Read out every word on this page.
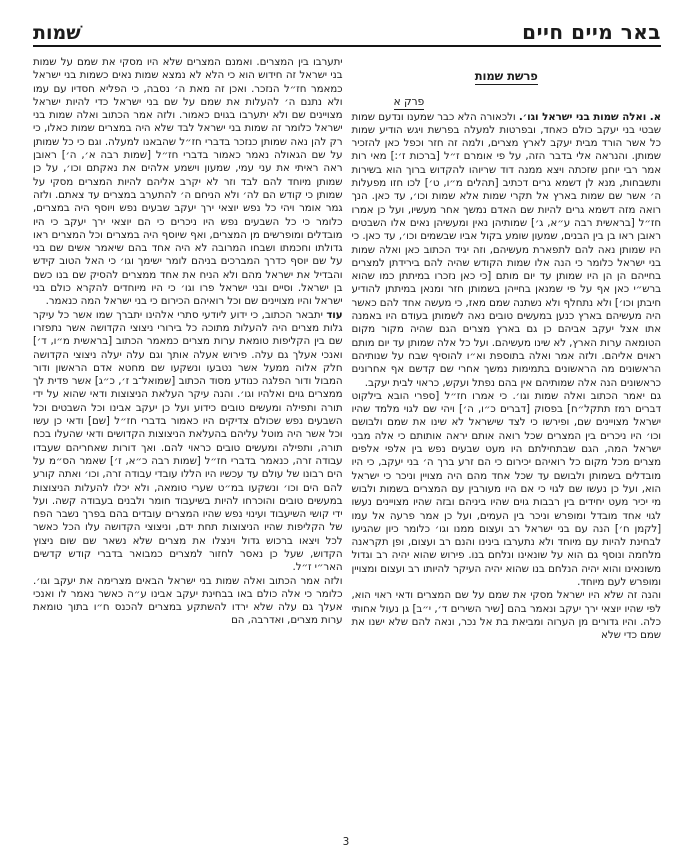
באר מיים חיים
שׁמות
פרשת שמות
פרק א

א. ואלה שמות בני ישראל וגו׳. ולכאורה הלא כבר שמענו ונדעם שמות שבטי בני יעקב כולם כאחד, ובפרטות למעלה בפרשת ויגש הודיע שמות כל אשר הורד מבית יעקב לארץ מצרים, ולמה זה חזר וכפל כאן להזכיר שמותן. והנראה אלי בדבר הזה, על פי אומרם ז״ל [ברכות ז׳:] מאי רות אמר רבי יוחנן שזכתה ויצא ממנה דוד שריוהו להקדוש ברוך הוא בשירות ותשבחות, מנא לן דשמא גרים דכתיב [תהלים מ״ו, ט׳] לכו חזו מפעלות ה׳ אשר שם שמות בארץ אל תקרי שמות אלא שמות וכו׳, עד כאן. הנך רואה מזה דשמא גרים להיות שם האדם נמשך אחר מעשיו, ועל כן אמרו חז״ל [בראשית רבה ע״א, ג׳] שמותיהן נאין ומעשיהן נאים אלו השבטים ראובן ראו בן בין הבנים, שמעון שומע בקול אביו שבשמים וכו׳, עד כאן. כי היו שמותן נאה להם לתפארת מעשיהם, וזה יגיד הכתוב כאן ואלה שמות בני ישראל כלומר כי הנה אלו שמות הקודש שהיה להם בירידתן למצרים בחייהם הן הן היו שמותן עד יום מותם [כי כאן נזכרו במיתתן כמו שהוא ברש״י כאן אף על פי שמנאן בחייהן בשמותן חזר ומנאן במיתתן להודיע חיבתן וכו׳] ולא נתחלף ולא נשתנה שמם מאז, כי מעשה אחד להם כאשר היה מעשיהם בארץ כנען במעשים טובים נאה לשמותן בעודם היו באמנה אתו אצל יעקב אביהם כן גם בארץ מצרים הגם שהיה מקור מקום הטומאה ערות הארץ, לא שינו מעשיהם. ועל כל אלה שמותן עד יום מותם ראוים אליהם. ולזה אמר ואלה בתוספת וא״ו להוסיף שבח על שנותיהם הראשונים מה הראשונים בתמימות נמשך אחרי שם קדשם אף אחרונים כראשונים הנה אלה שמותיהם אין בהם נפתל ועקש, כראוי לבית יעקב.

גם יאמר הכתוב ואלה שמות וגו׳. כי אמרו חז״ל [ספרי הובא בילקוט דברים רמז תתקל״ח] בפסוק [דברים כ״ו, ה׳] ויהי שם לגוי מלמד שהיו ישראל מצויינים שם, ופירשו כי לצד שישראל לא שינו את שמם ולבושם וכו׳ היו ניכרים בין המצרים שכל רואה אותם יראה אותותם כי אלה מבני ישראל המה, הגם שבתחילתם היו מעט שבעים נפש בין אלפי אלפים מצרים מכל מקום כל רואיהם יכירום כי הם זרע ברך ה׳ בני יעקב, כי היו מובדלים בשמותן ולבושם עד שכל אחד מהם היה מצויין וניכר כי ישראל הוא, ועל כן נעשו שם לגוי כי אם היו מעורבין עם המצרים בשמות ולבוש מי יכיר מעט יחידים בין רבבות גוים שהיו ביניהם ובזה שהיו מצויינים נעשו לגוי אחד מובדל ומופרש וניכר בין העמים, ועל כן אמר פרעה אל עמו [לקמן ח׳] הנה עם בני ישראל רב ועצום ממנו וגו׳ כלומר כיון שהגיעו לבחינת להיות עם מיוחד ולא נתערבו בינינו והנם רב ועצום, ופן תקראנה מלחמה ונוסף גם הוא על שונאינו ונלחם בנו. פירוש שהוא יהיה רב וגדול משונאינו והוא יהיה הנלחם בנו שהוא יהיה העיקר להיותו רב ועצום ומצויין ומופרש לעם מיוחד.

והנה זה שלא היו ישראל מסקי את שמם על שם המצרים ודאי ראוי הוא, לפי שהיו יוצאי ירך יעקב ונאמר בהם [שיר השירים ד׳, י״ב] גן נעול אחותי כלה. והיו גדורים מן הערוה ומביאת בת אל נכר, ונאה להם שלא ישנו את שמם כדי שלא

יתערבו בין המצרים. ואמנם המצרים שלא היו מסקי את שמם על שמות בני ישראל זה חידוש הוא כי הלא לא נמצא שמות נאים כשמות בני ישראל כמאמר חז״ל הנזכר. ואכן זה מאת ה׳ נסבה, כי הפליא חסדיו עם עמו ולא נתנם ה׳ להעלות את שמם על שם בני ישראל כדי להיות ישראל מצויינים שם ולא יתערבו בגוים כאמור. ולזה אמר הכתוב ואלה שמות בני ישראל כלומר זה שמות בני ישראל לבד שלא היה במצרים שמות כאלו, כי רק להן נאה שמותן כנזכר בדברי חז״ל שהבאנו למעלה. וגם כי כל שמותן על שם הגאולה נאמר כאמור בדברי חז״ל [שמות רבה א׳, ה׳] ראובן ראה ראיתי את עני עמי, שמעון וישמע אלהים את נאקתם וכו׳, על כן שמותן מיוחד להם לבד וזר לא יקרב אליהם להיות המצרים מסקי על שמותן כי קודש הם לה׳ ולא הניחם ה׳ להתערב במצרים עד צאתם. ולזה גמר אומר ויהי כל נפש יוצאי ירך יעקב שבעים נפש ויוסף היה במצרים, כלומר כי כל השבעים נפש היו ניכרים כי הם יוצאי ירך יעקב כי היו מובדלים ומופרשים מן המצרים, ואף שיוסף היה במצרים וכל המצרים ראו גדולתו וחכמתו ושבחו המרובה לא היה אחד בהם שיאמר אשים שם בני על שם יוסף כדרך המברכים בניהם לומר ישימך וגו׳ כי האל הטוב קידש והבדיל את ישראל מהם ולא הניח את אחד ממצרים להסיק שם בנו כשם בן ישראל. וסיים ובני ישראל פרו וגו׳ כי היו מיוחדים להקרא כולם בני ישראל והיו מצויינים שם וכל רואיהם הכירום כי בני ישראל המה כנאמר.

עוד יתבאר הכתוב, כי ידוע ליודעי סתרי אלהינו יתברך שמו אשר כל עיקר גלות מצרים היה להעלות מתוכה כל בירורי ניצוצי הקדושה אשר נתפזרו שם בין הקליפות טומאת ערות מצרים כמאמר הכתוב [בראשית מ״ו, ד׳] ואנכי אעלך גם עלה. פירוש אעלה אותך וגם עלה יעלה ניצוצי הקדושה חלק אלוה ממעל אשר נטבעו ונשקעו שם מחטא אדם הראשון ודור המבול ודור הפלגה כנודע מסוד הכתוב [שמואל־ב ז׳, כ״ג] אשר פדית לך ממצרים גוים ואלהיו וגו׳. והנה עיקר העלאת הניצוצות ודאי שהוא על ידי תורה ותפילה ומעשים טובים כידוע ועל כן יעקב אבינו וכל השבטים וכל השבעים נפש שכולם צדיקים היו כאמור בדברי חז״ל [שם] ודאי כן עשו וכל אשר היה מוטל עליהם בהעלאת הניצוצות הקדושים ודאי שהעלו בכח תורה, ותפילה ומעשים טובים כראוי להם. ואך דורות שאחריהם שעבדו עבודה זרה, כנאמר בדברי חז״ל [שמות רבה כ״א, ז׳] שאמר הס״מ על הים רבונו של עולם עד עכשיו היו הללו עובדי עבודה זרה, וכו׳ ואתה קורע להם הים וכו׳ ונשקעו במ״ט שערי טומאה, ולא יכלו להעלות הניצוצות במעשים טובים והוכרחו להיות בשיעבוד חומר ולבנים בעבודה קשה. ועל ידי קושי השיעבוד ועינוי נפש שהיו המצרים עובדים בהם בפרך נשבר הפח של הקליפות שהיו הניצוצות תחת ידם, וניצוצי הקדושה עלו הכל כאשר לכל ויצאו ברכוש גדול וינצלו את מצרים שלא נשאר שם שום ניצוץ הקדוש, שעל כן נאסר לחזור למצרים כמבואר בדברי קודש קדשים האר״י ז״ל.

ולזה אמר הכתוב ואלה שמות בני ישראל הבאים מצרימה את יעקב וגו׳. כלומר כי אלה כולם באו בבחינת יעקב אבינו ע״ה כאשר נאמר לו ואנכי אעלך גם עלה שלא ירדו להשתקע במצרים להכנס ח״ו בתוך טומאת ערות מצרים, ואדרבה, הם

3
